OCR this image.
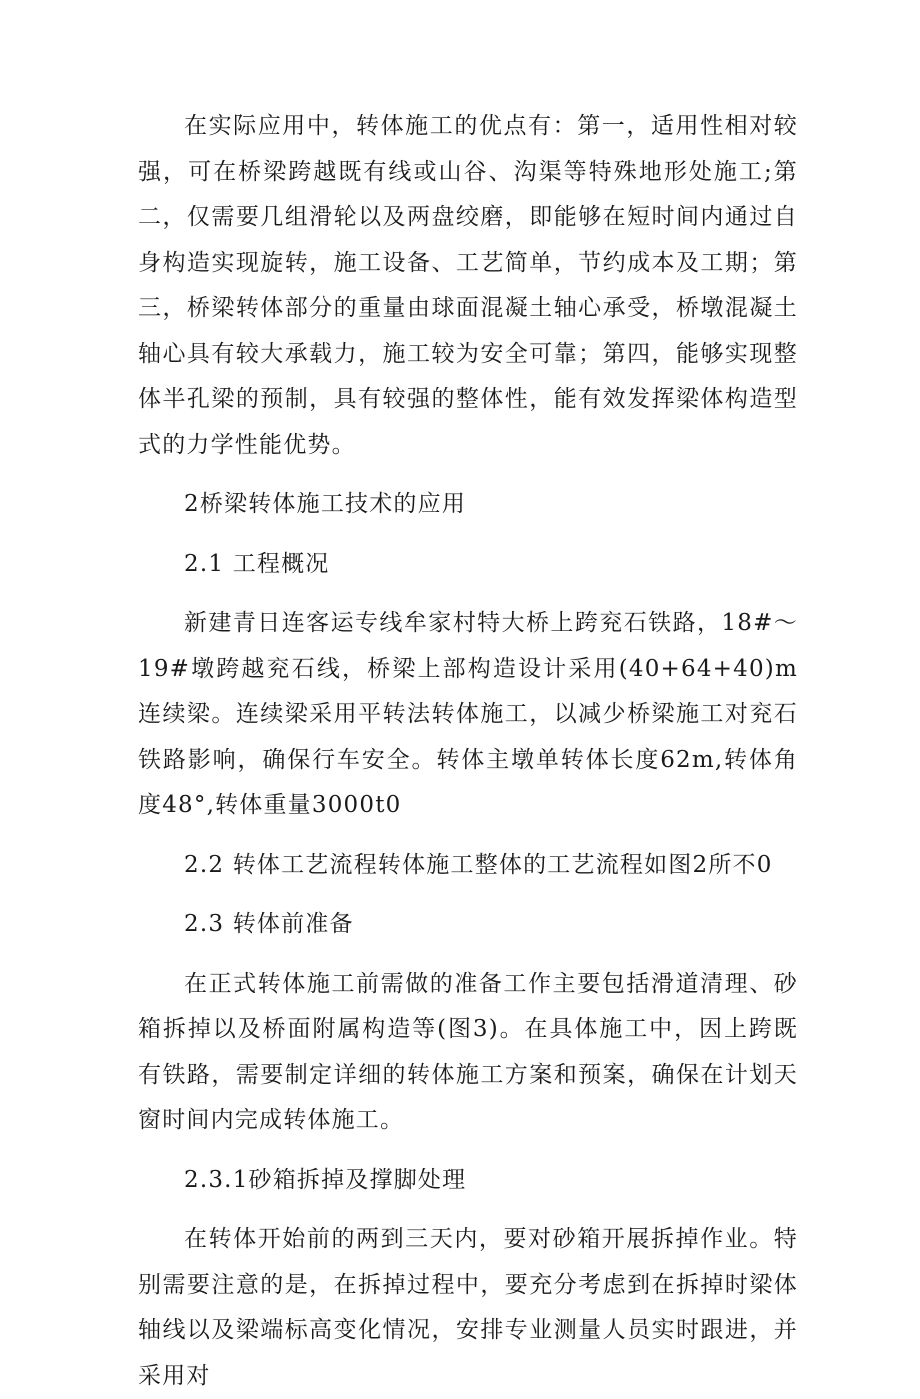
在实际应用中，转体施工的优点有：第一，适用性相对较强，可在桥梁跨越既有线或山谷、沟渠等特殊地形处施工;第二，仅需要几组滑轮以及两盘绞磨，即能够在短时间内通过自身构造实现旋转，施工设备、工艺简单，节约成本及工期；第三，桥梁转体部分的重量由球面混凝土轴心承受，桥墩混凝土轴心具有较大承载力，施工较为安全可靠；第四，能够实现整体半孔梁的预制，具有较强的整体性，能有效发挥梁体构造型式的力学性能优势。

2桥梁转体施工技术的应用

2.1 工程概况

新建青日连客运专线牟家村特大桥上跨兖石铁路，18#～19#墩跨越兖石线，桥梁上部构造设计采用(40+64+40)m连续梁。连续梁采用平转法转体施工，以减少桥梁施工对兖石铁路影响，确保行车安全。转体主墩单转体长度62m,转体角度48°,转体重量3000t0

2.2 转体工艺流程转体施工整体的工艺流程如图2所不0

2.3 转体前准备

在正式转体施工前需做的准备工作主要包括滑道清理、砂箱拆掉以及桥面附属构造等(图3)。在具体施工中，因上跨既有铁路，需要制定详细的转体施工方案和预案，确保在计划天窗时间内完成转体施工。

2.3.1砂箱拆掉及撑脚处理

在转体开始前的两到三天内，要对砂箱开展拆掉作业。特别需要注意的是，在拆掉过程中，要充分考虑到在拆掉时梁体轴线以及梁端标高变化情况，安排专业测量人员实时跟进，并采用对
